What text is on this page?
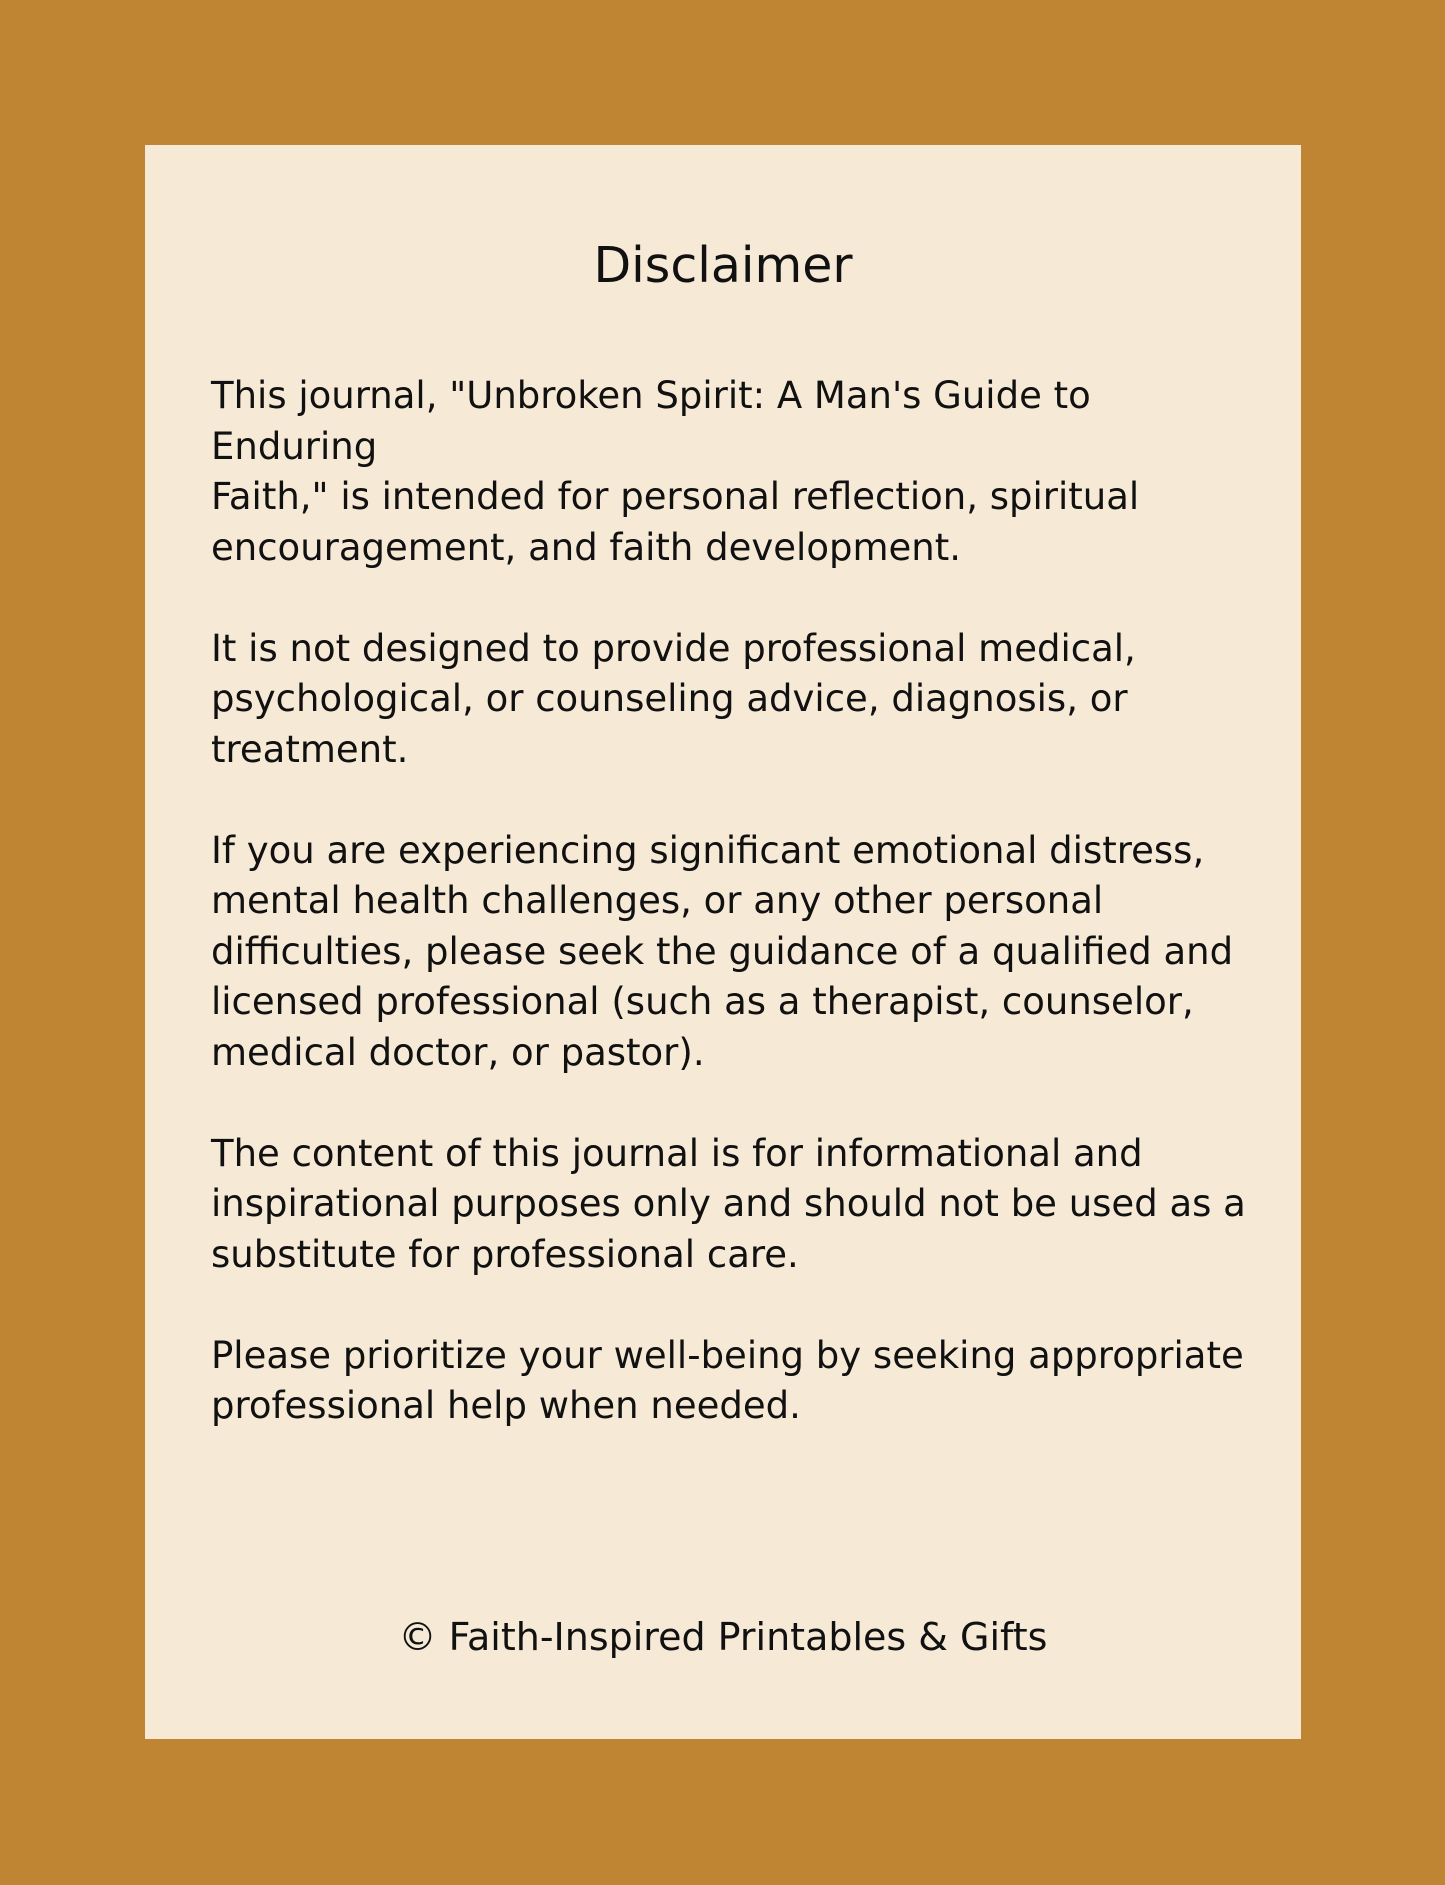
Disclaimer

This journal, "Unbroken Spirit: A Man's Guide to Enduring
Faith," is intended for personal reflection, spiritual
encouragement, and faith development.

It is not designed to provide professional medical,
psychological, or counseling advice, diagnosis, or
treatment.

If you are experiencing significant emotional distress,
mental health challenges, or any other personal
difficulties, please seek the guidance of a qualified and
licensed professional (such as a therapist, counselor,
medical doctor, or pastor).

The content of this journal is for informational and
inspirational purposes only and should not be used as a
substitute for professional care.

Please prioritize your well-being by seeking appropriate
professional help when needed.

© Faith-Inspired Printables & Gifts
